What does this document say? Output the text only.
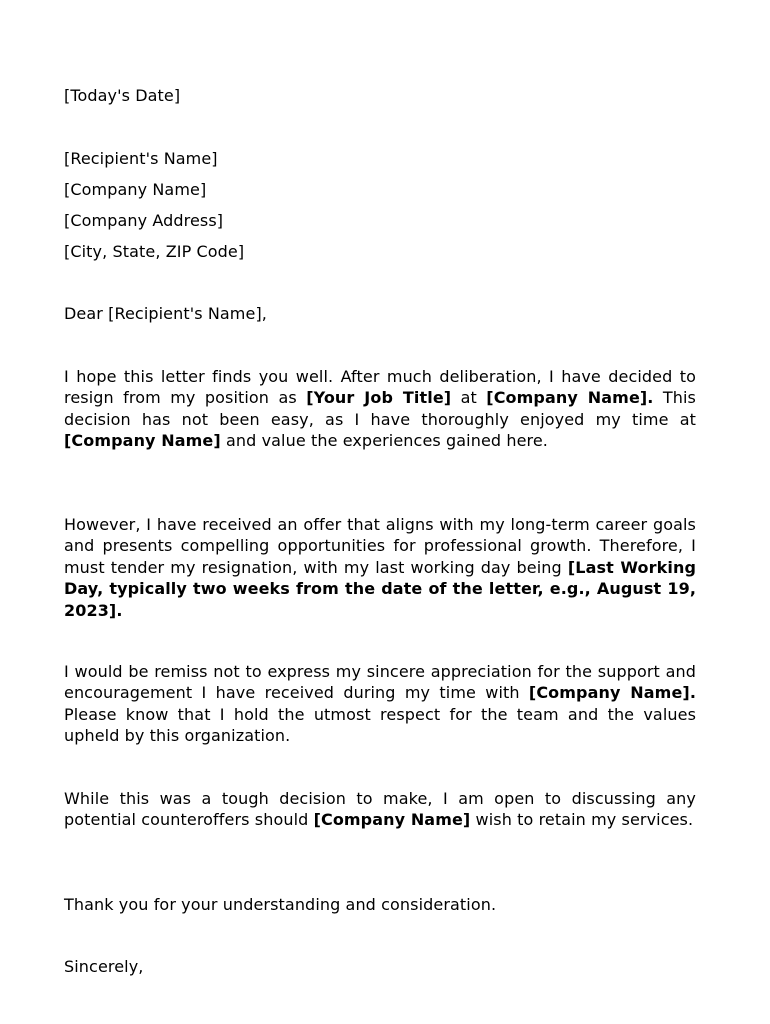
[Today's Date]
[Recipient's Name]
[Company Name]
[Company Address]
[City, State, ZIP Code]
Dear [Recipient's Name],
I hope this letter finds you well. After much deliberation, I have decided to resign from my position as [Your Job Title] at [Company Name]. This decision has not been easy, as I have thoroughly enjoyed my time at [Company Name] and value the experiences gained here.
However, I have received an offer that aligns with my long-term career goals and presents compelling opportunities for professional growth. Therefore, I must tender my resignation, with my last working day being [Last Working Day, typically two weeks from the date of the letter, e.g., August 19, 2023].
I would be remiss not to express my sincere appreciation for the support and encouragement I have received during my time with [Company Name]. Please know that I hold the utmost respect for the team and the values upheld by this organization.
While this was a tough decision to make, I am open to discussing any potential counteroffers should [Company Name] wish to retain my services.
Thank you for your understanding and consideration.
Sincerely,
